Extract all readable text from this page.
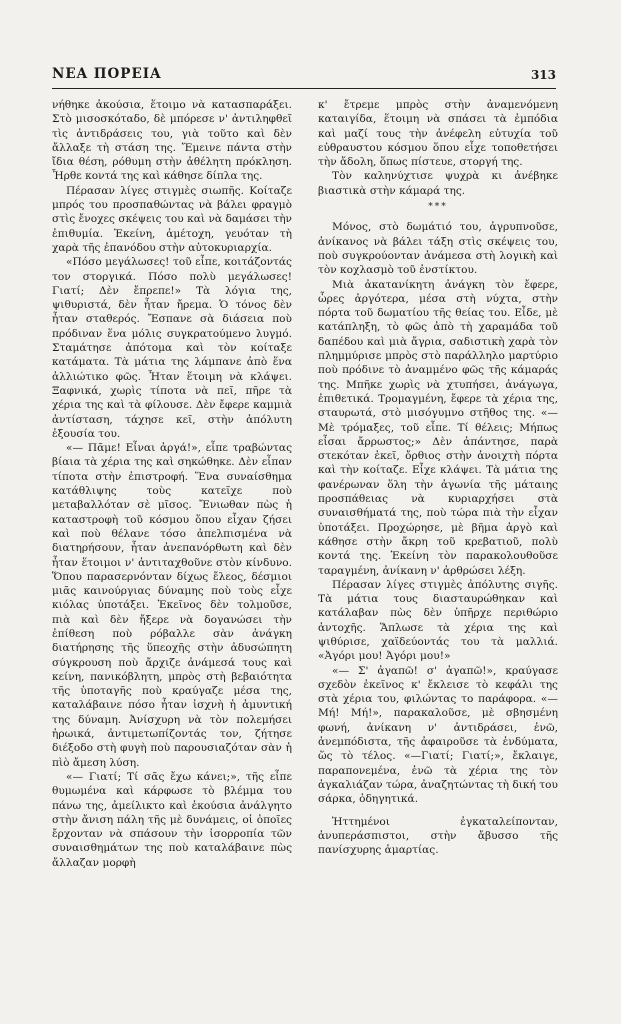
ΝΕΑ ΠΟΡΕΙΑ	313

νήθηκε ἀκούσια, ἕτοιμο νὰ κατασπαράξει. Στὸ μισοσκόταδο, δὲ μπόρεσε ν' ἀντιληφθεῖ τὶς ἀντιδράσεις του, γιὰ τοῦτο καὶ δὲν ἄλλαξε τὴ στάση της. Ἔμεινε πάντα στὴν ἴδια θέση, ρόθυμη στὴν ἀθέλητη πρόκληση. Ἦρθε κοντά της καὶ κάθησε δίπλα της.

Πέρασαν λίγες στιγμὲς σιωπῆς. Κοίταζε μπρός του προσπαθώντας νὰ βάλει φραγμὸ στὶς ἔνοχες σκέψεις του καὶ νὰ δαμάσει τὴν ἐπιθυμία. Ἐκείνη, ἀμέτοχη, γευόταν τὴ χαρὰ τῆς ἐπανόδου στὴν αὐτοκυριαρχία.

«Πόσο μεγάλωσες! τοῦ εἶπε, κοιτάζοντάς τον στοργικά. Πόσο πολὺ μεγάλωσες! Γιατί; Δὲν ἔπρεπε!» Τὰ λόγια της, ψιθυριστά, δὲν ἦταν ἤρεμα. Ὁ τόνος δὲν ἦταν σταθερός. Ἔσπανε σὰ διάσεια ποὺ πρόδιναν ἕνα μόλις συγκρατούμενο λυγμό. Σταμάτησε ἀπότομα καὶ τὸν κοίταξε κατάματα. Τὰ μάτια της λάμπανε ἀπὸ ἕνα ἀλλιώτικο φῶς. Ἦταν ἕτοιμη νὰ κλάψει. Ξαφνικά, χωρὶς τίποτα νὰ πεῖ, πῆρε τὰ χέρια της καὶ τὰ φίλουσε. Δὲν ἔφερε καμμιὰ ἀντίσταση, τάχησε κεῖ, στὴν ἀπόλυτη ἐξουσία του.

«— Πᾶμε! Εἶναι ἀργά!», εἶπε τραβώντας βίαια τὰ χέρια της καὶ σηκώθηκε. Δὲν εἶπαν τίποτα στὴν ἐπιστροφή. Ἕνα συναίσθημα κατάθλιψης τοὺς κατεῖχε ποὺ μεταβαλλόταν σὲ μῖσος. Ἔνιωθαν πὼς ἡ καταστροφὴ τοῦ κόσμου ὅπου εἶχαν ζήσει καὶ ποὺ θέλανε τόσο ἀπελπισμένα νὰ διατηρήσουν, ἦταν ἀνεπανόρθωτη καὶ δὲν ἦταν ἕτοιμοι ν' ἀντιταχθοῦνε στὸν κίνδυνο. Ὅπου παρασερνόνταν δίχως ἔλεος, δέσμιοι μιᾶς καινούργιας δύναμης ποὺ τοὺς εἶχε κιόλας ὑποτάξει. Ἐκεῖνος δὲν τολμοῦσε, πιὰ καὶ δὲν ἤξερε νὰ δογανώσει τὴν ἐπίθεση ποὺ ρόβαλλε σὰν ἀνάγκη διατήρησης τῆς ὕπεοχῆς στὴν ἀδυσώπητη σύγκρουση ποὺ ἄρχιζε ἀνάμεσά τους καὶ κείνη, πανικόβλητη, μπρὸς στὴ βεβαιότητα τῆς ὑποταγῆς ποὺ κραύγαζε μέσα της, καταλάβαινε πόσο ἦταν ἰσχνὴ ἡ ἀμυντική της δύναμη. Ἀνίσχυρη νὰ τὸν πολεμήσει ἠρωικά, ἀντιμετωπίζοντάς τον, ζήτησε διέξοδο στὴ φυγὴ ποὺ παρουσιαζόταν σὰν ἡ πὶὸ ἄμεση λύση.

«— Γιατί; Τί σᾶς ἔχω κάνει;», τῆς εἶπε θυμωμένα καὶ κάρφωσε τὸ βλέμμα του πάνω της, ἀμείλικτο καὶ ἐκούσια ἀνάλγητο στὴν ἄνιση πάλη τῆς μὲ δυνάμεις, οἱ ὁποῖες ἔρχονταν νὰ σπάσουν τὴν ἰσορροπία τῶν συναισθημάτων της ποὺ καταλάβαινε πὼς ἄλλαζαν μορφὴ

κ' ἔτρεμε μπρὸς στὴν ἀναμενόμενη καταιγίδα, ἕτοιμη νὰ σπάσει τὰ ἐμπόδια καὶ μαζί τους τὴν ἀνέφελη εὐτυχία τοῦ εὐθραυστου κόσμου ὅπου εἶχε τοποθετήσει τὴν ἄδολη, ὅπως πίστευε, στοργή της.

Τὸν καληνύχτισε ψυχρὰ κι ἀνέβηκε βιαστικὰ στὴν κάμαρά της.

***

Μόνος, στὸ δωμάτιό του, ἀγρυπνοῦσε, ἀνίκανος νὰ βάλει τάξη στὶς σκέψεις του, ποὺ συγκρούονταν ἀνάμεσα στὴ λογικὴ καὶ τὸν κοχλασμὸ τοῦ ἐνστίκτου.

Μιὰ ἀκατανίκητη ἀνάγκη τὸν ἔφερε, ὧρες ἀργότερα, μέσα στὴ νύχτα, στὴν πόρτα τοῦ δωματίου τῆς θείας του. Εἶδε, μὲ κατάπληξη, τὸ φῶς ἀπὸ τὴ χαραμάδα τοῦ δαπέδου καὶ μιὰ ἄγρια, σαδιστικὴ χαρὰ τὸν πλημμύρισε μπρὸς στὸ παράλληλο μαρτύριο ποὺ πρόδινε τὸ ἀναμμένο φῶς τῆς κάμαράς της. Μπῆκε χωρὶς νὰ χτυπήσει, ἀνάγωγα, ἐπιθετικά. Τρομαγμένη, ἔφερε τὰ χέρια της, σταυρωτά, στὸ μισόγυμνο στῆθος της. «— Μὲ τρόμαξες, τοῦ εἶπε. Τί θέλεις; Μήπως εἶσαι ἄρρωστος;» Δὲν ἀπάντησε, παρὰ στεκόταν ἐκεῖ, ὄρθιος στὴν ἀνοιχτὴ πόρτα καὶ τὴν κοίταζε. Εἶχε κλάψει. Τὰ μάτια της φανέρωναν ὅλη τὴν ἀγωνία τῆς μάταιης προσπάθειας νὰ κυριαρχήσει στὰ συναισθήματά της, ποὺ τώρα πιὰ τὴν εἶχαν ὑποτάξει. Προχώρησε, μὲ βῆμα ἀργὸ καὶ κάθησε στὴν ἄκρη τοῦ κρεβατιοῦ, πολὺ κοντά της. Ἐκείνη τὸν παρακολουθοῦσε ταραγμένη, ἀνίκανη ν' ἀρθρώσει λέξη.

Πέρασαν λίγες στιγμὲς ἀπόλυτης σιγῆς. Τὰ μάτια τους διασταυρώθηκαν καὶ κατάλαβαν πὼς δὲν ὑπῆρχε περιθώριο ἀντοχῆς. Ἅπλωσε τὰ χέρια της καὶ ψιθύρισε, χαϊδεύοντάς του τὰ μαλλιά. «Ἀγόρι μου! Ἀγόρι μου!»

«— Σ' ἀγαπῶ! σ' ἀγαπῶ!», κραύγασε σχεδὸν ἐκεῖνος κ' ἔκλεισε τὸ κεφάλι της στὰ χέρια του, φιλώντας το παράφορα. «— Μή! Μή!», παρακαλοῦσε, μὲ σβησμένη φωνή, ἀνίκανη ν' ἀντιδράσει, ἐνῶ, ἀνεμπόδιστα, τῆς ἀφαιροῦσε τὰ ἐνδύματα, ὥς τὸ τέλος. «—Γιατί; Γιατί;», ἔκλαιγε, παραπονεμένα, ἐνῶ τὰ χέρια της τὸν ἀγκαλιάζαν τώρα, ἀναζητώντας τὴ δική του σάρκα, ὀδηγητικά.

Ἡττημένοι ἐγκαταλείπονταν, ἀνυπεράσπιστοι, στὴν ἄβυσσο τῆς πανίσχυρης ἁμαρτίας.
